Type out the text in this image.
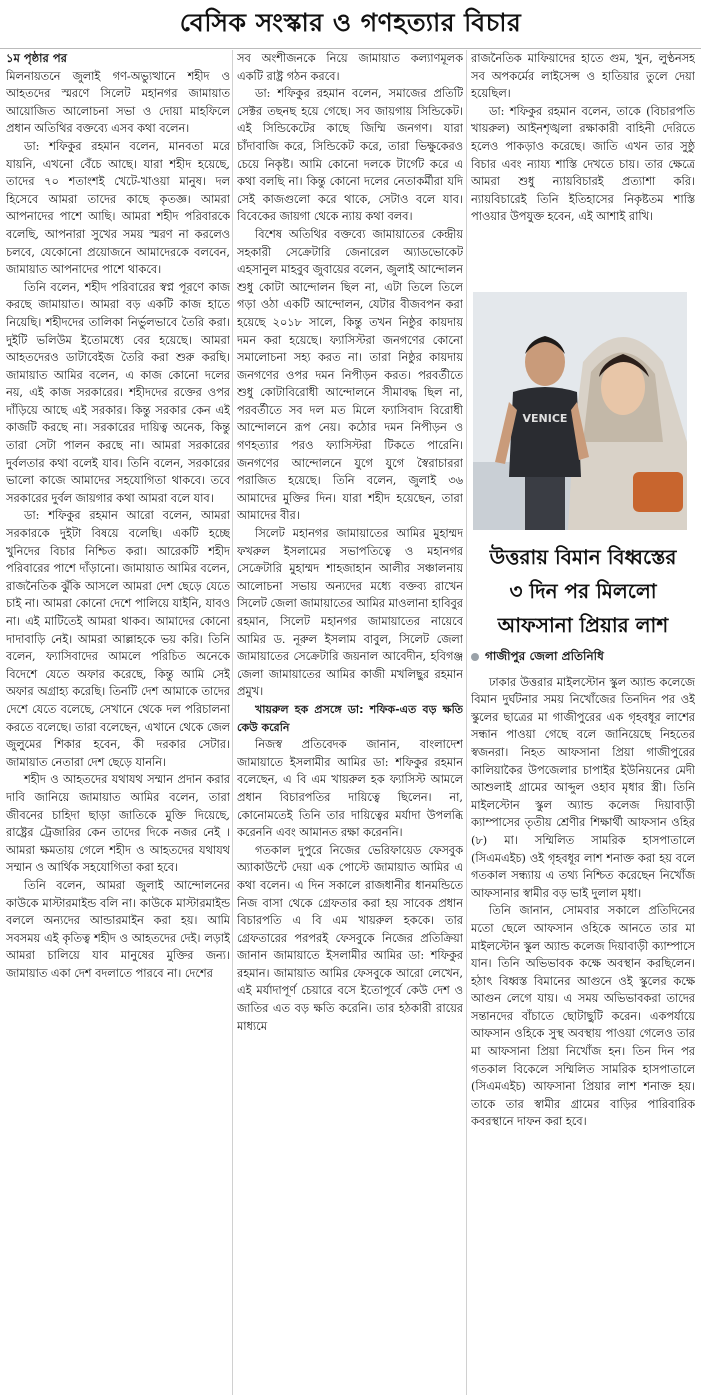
বেসিক সংস্কার ও গণহত্যার বিচার
১ম পৃষ্ঠার পর

মিলনায়তনে জুলাই গণ-অভ্যুত্থানে শহীদ ও আহতদের স্মরণে সিলেট মহানগর জামায়াত আয়োজিত আলোচনা সভা ও দোয়া মাহফিলে প্রধান অতিথির বক্তব্যে এসব কথা বলেন।

ডা: শফিকুর রহমান বলেন, মানবতা মরে যায়নি, এখনো বেঁচে আছে। যারা শহীদ হয়েছে, তাদের ৭০ শতাংশই খেটে-খাওয়া মানুষ। দল হিসেবে আমরা তাদের কাছে কৃতজ্ঞ। আমরা আপনাদের পাশে আছি। আমরা শহীদ পরিবারকে বলেছি, আপনারা সুখের সময় স্মরণ না করলেও চলবে, যেকোনো প্রয়োজনে আমাদেরকে বলবেন, জামায়াত আপনাদের পাশে থাকবে।

তিনি বলেন, শহীদ পরিবারের স্বপ্ন পূরণে কাজ করছে জামায়াত। আমরা বড় একটি কাজ হাতে নিয়েছি। শহীদদের তালিকা নির্ভুলভাবে তৈরি করা। দুইটি ভলিউম ইতোমধ্যে বের হয়েছে। আমরা আহতদেরও ডাটাবেইজ তৈরি করা শুরু করছি। জামায়াত আমির বলেন, এ কাজ কোনো দলের নয়, এই কাজ সরকারের। শহীদদের রক্তের ওপর দাঁড়িয়ে আছে এই সরকার। কিন্তু সরকার কেন এই কাজটি করছে না। সরকারের দায়িত্ব অনেক, কিন্তু তারা সেটা পালন করছে না। আমরা সরকারের দুর্বলতার কথা বলেই যাব। তিনি বলেন, সরকারের ভালো কাজে আমাদের সহযোগিতা থাকবে। তবে সরকারের দুর্বল জায়গার কথা আমরা বলে যাব।

ডা: শফিকুর রহমান আরো বলেন, আমরা সরকারকে দুইটা বিষয়ে বলেছি। একটি হচ্ছে খুনিদের বিচার নিশ্চিত করা। আরেকটি শহীদ পরিবারের পাশে দাঁড়ানো। জামায়াত আমির বলেন, রাজনৈতিক ঝুঁকি আসলে আমরা দেশ ছেড়ে যেতে চাই না। আমরা কোনো দেশে পালিয়ে যাইনি, যাবও না। এই মাটিতেই আমরা থাকব। আমাদের কোনো দাদাবাড়ি নেই। আমরা আল্লাহকে ভয় করি। তিনি বলেন, ফ্যাসিবাদের আমলে পরিচিত অনেকে বিদেশে যেতে অফার করেছে, কিন্তু আমি সেই অফার অগ্রাহ্য করেছি। তিনটি দেশ আমাকে তাদের দেশে যেতে বলেছে, সেখানে থেকে দল পরিচালনা করতে বলেছে। তারা বলেছেন, এখানে থেকে জেল জুলুমের শিকার হবেন, কী দরকার সেটার। জামায়াত নেতারা দেশ ছেড়ে যাননি।

শহীদ ও আহতদের যথাযথ সম্মান প্রদান করার দাবি জানিয়ে জামায়াত আমির বলেন, তারা জীবনের চাহিদা ছাড়া জাতিকে মুক্তি দিয়েছে, রাষ্ট্রের ট্রেজারির কেন তাদের দিকে নজর নেই । আমরা ক্ষমতায় গেলে শহীদ ও আহতদের যথাযথ সম্মান ও আর্থিক সহযোগিতা করা হবে।

তিনি বলেন, আমরা জুলাই আন্দোলনের কাউকে মাস্টারমাইন্ড বলি না। কাউকে মাস্টারমাইন্ড বললে অন্যদের আন্ডারমাইন করা হয়। আমি সবসময় এই কৃতিত্ব শহীদ ও আহতদের দেই। লড়াই আমরা চালিয়ে যাব মানুষের মুক্তির জন্য। জামায়াত একা দেশ বদলাতে পারবে না। দেশের

সব অংশীজনকে নিয়ে জামায়াত কল্যাণমূলক একটি রাষ্ট্র গঠন করবে।

ডা: শফিকুর রহমান বলেন, সমাজের প্রতিটি সেক্টর তছনছ হয়ে গেছে। সব জায়গায় সিন্ডিকেট। এই সিন্ডিকেটের কাছে জিম্মি জনগণ। যারা চাঁদাবাজি করে, সিন্ডিকেট করে, তারা ভিক্ষুকেরও চেয়ে নিকৃষ্ট। আমি কোনো দলকে টার্গেট করে এ কথা বলছি না। কিন্তু কোনো দলের নেতাকর্মীরা যদি সেই কাজগুলো করে থাকে, সেটাও বলে যাব। বিবেকের জায়গা থেকে ন্যায় কথা বলব।

বিশেষ অতিথির বক্তব্যে জামায়াতের কেন্দ্রীয় সহকারী সেক্রেটারি জেনারেল অ্যাডভোকেট এহসানুল মাহবুব জুবায়ের বলেন, জুলাই আন্দোলন শুধু কোটা আন্দোলন ছিল না, এটা তিলে তিলে গড়া ওঠা একটি আন্দোলন, যেটার বীজবপন করা হয়েছে ২০১৮ সালে, কিন্তু তখন নিষ্ঠুর কায়দায় দমন করা হয়েছে। ফ্যাসিস্টরা জনগণের কোনো সমালোচনা সহ্য করত না। তারা নিষ্ঠুর কায়দায় জনগণের ওপর দমন নিপীড়ন করত। পরবর্তীতে শুধু কোটাবিরোধী আন্দোলনে সীমাবদ্ধ ছিল না, পরবর্তীতে সব দল মত মিলে ফ্যাসিবাদ বিরোধী আন্দোলনে রূপ নেয়। কঠোর দমন নিপীড়ন ও গণহত্যার পরও ফ্যাসিস্টরা টিকতে পারেনি। জনগণের আন্দোলনে যুগে যুগে স্বৈরাচাররা পরাজিত হয়েছে। তিনি বলেন, জুলাই ৩৬ আমাদের মুক্তির দিন। যারা শহীদ হয়েছেন, তারা আমাদের বীর।

সিলেট মহানগর জামায়াতের আমির মুহাম্মদ ফখরুল ইসলামের সভাপতিত্বে ও মহানগর সেক্রেটারি মুহাম্মদ শাহজাহান আলীর সঞ্চালনায় আলোচনা সভায় অন্যদের মধ্যে বক্তব্য রাখেন সিলেট জেলা জামায়াতের আমির মাওলানা হাবিবুর রহমান, সিলেট মহানগর জামায়াতের নায়েবে আমির ড. নূরুল ইসলাম বাবুল, সিলেট জেলা জামায়াতের সেক্রেটারি জয়নাল আবেদীন, হবিগঞ্জ জেলা জামায়াতের আমির কাজী মখলিছুর রহমান প্রমুখ।

খায়রুল হক প্রসঙ্গে ডা: শফিক-এত বড় ক্ষতি কেউ করেনি

নিজস্ব প্রতিবেদক জানান, বাংলাদেশ জামায়াতে ইসলামীর আমির ডা: শফিকুর রহমান বলেছেন, এ বি এম খায়রুল হক ফ্যাসিস্ট আমলে প্রধান বিচারপতির দায়িত্বে ছিলেন। না, কোনোমতেই তিনি তার দায়িত্বের মর্যাদা উপলব্ধি করেননি এবং আমানত রক্ষা করেননি।

গতকাল দুপুরে নিজের ভেরিফায়েড ফেসবুক অ্যাকাউন্টে দেয়া এক পোস্টে জামায়াত আমির এ কথা বলেন। এ দিন সকালে রাজধানীর ধানমন্ডিতে নিজ বাসা থেকে গ্রেফতার করা হয় সাবেক প্রধান বিচারপতি এ বি এম খায়রুল হককে। তার গ্রেফতারের পরপরই ফেসবুকে নিজের প্রতিক্রিয়া জানান জামায়াতে ইসলামীর আমির ডা: শফিকুর রহমান। জামায়াত আমির ফেসবুকে আরো লেখেন, এই মর্যাদাপূর্ণ চেয়ারে বসে ইতোপূর্বে কেউ দেশ ও জাতির এত বড় ক্ষতি করেনি। তার হঠকারী রায়ের মাধ্যমে

রাজনৈতিক মাফিয়াদের হাতে গুম, খুন, লুণ্ঠনসহ সব অপকর্মের লাইসেন্স ও হাতিয়ার তুলে দেয়া হয়েছিল।

ডা: শফিকুর রহমান বলেন, তাকে (বিচারপতি খায়রুল) আইনশৃঙ্খলা রক্ষাকারী বাহিনী দেরিতে হলেও পাকড়াও করেছে। জাতি এখন তার সুষ্ঠু বিচার এবং ন্যায্য শাস্তি দেখতে চায়। তার ক্ষেত্রে আমরা শুধু ন্যায়বিচারই প্রত্যাশা করি। ন্যায়বিচারেই তিনি ইতিহাসের নিকৃষ্টতম শাস্তি পাওয়ার উপযুক্ত হবেন, এই আশাই রাখি।

VENICE
উত্তরায় বিমান বিধ্বস্তের
৩ দিন পর মিললো
আফসানা প্রিয়ার লাশ
গাজীপুর জেলা প্রতিনিধি

ঢাকার উত্তরার মাইলস্টোন স্কুল অ্যান্ড কলেজে বিমান দুর্ঘটনার সময় নিখোঁজের তিনদিন পর ওই স্কুলের ছাত্রের মা গাজীপুরের এক গৃহবধূর লাশের সন্ধান পাওয়া গেছে বলে জানিয়েছে নিহতের স্বজনরা। নিহত আফসানা প্রিয়া গাজীপুরের কালিয়াকৈর উপজেলার চাপাইর ইউনিয়নের মেদী আশুলাই গ্রামের আব্দুল ওহাব মৃধার স্ত্রী। তিনি মাইলস্টোন স্কুল অ্যান্ড কলেজ দিয়াবাড়ী ক্যাম্পাসের তৃতীয় শ্রেণীর শিক্ষার্থী আফসান ওহির (৮) মা। সম্মিলিত সামরিক হাসপাতালে (সিএমএইচ) ওই গৃহবধূর লাশ শনাক্ত করা হয় বলে গতকাল সন্ধ্যায় এ তথ্য নিশ্চিত করেছেন নিখোঁজ আফসানার স্বামীর বড় ভাই দুলাল মৃধা।

তিনি জানান, সোমবার সকালে প্রতিদিনের মতো ছেলে আফসান ওহিকে আনতে তার মা মাইলস্টোন স্কুল অ্যান্ড কলেজ দিয়াবাড়ী ক্যাম্পাসে যান। তিনি অভিভাবক কক্ষে অবস্থান করছিলেন। হঠাৎ বিধ্বস্ত বিমানের আগুনে ওই স্কুলের কক্ষে আগুন লেগে যায়। এ সময় অভিভাবকরা তাদের সন্তানদের বাঁচাতে ছোটাছুটি করেন। একপর্যায়ে আফসান ওহিকে সুস্থ অবস্থায় পাওয়া গেলেও তার মা আফসানা প্রিয়া নিখোঁজ হন। তিন দিন পর গতকাল বিকেলে সম্মিলিত সামরিক হাসপাতালে (সিএমএইচ) আফসানা প্রিয়ার লাশ শনাক্ত হয়। তাকে তার স্বামীর গ্রামের বাড়ির পারিবারিক কবরস্থানে দাফন করা হবে।
